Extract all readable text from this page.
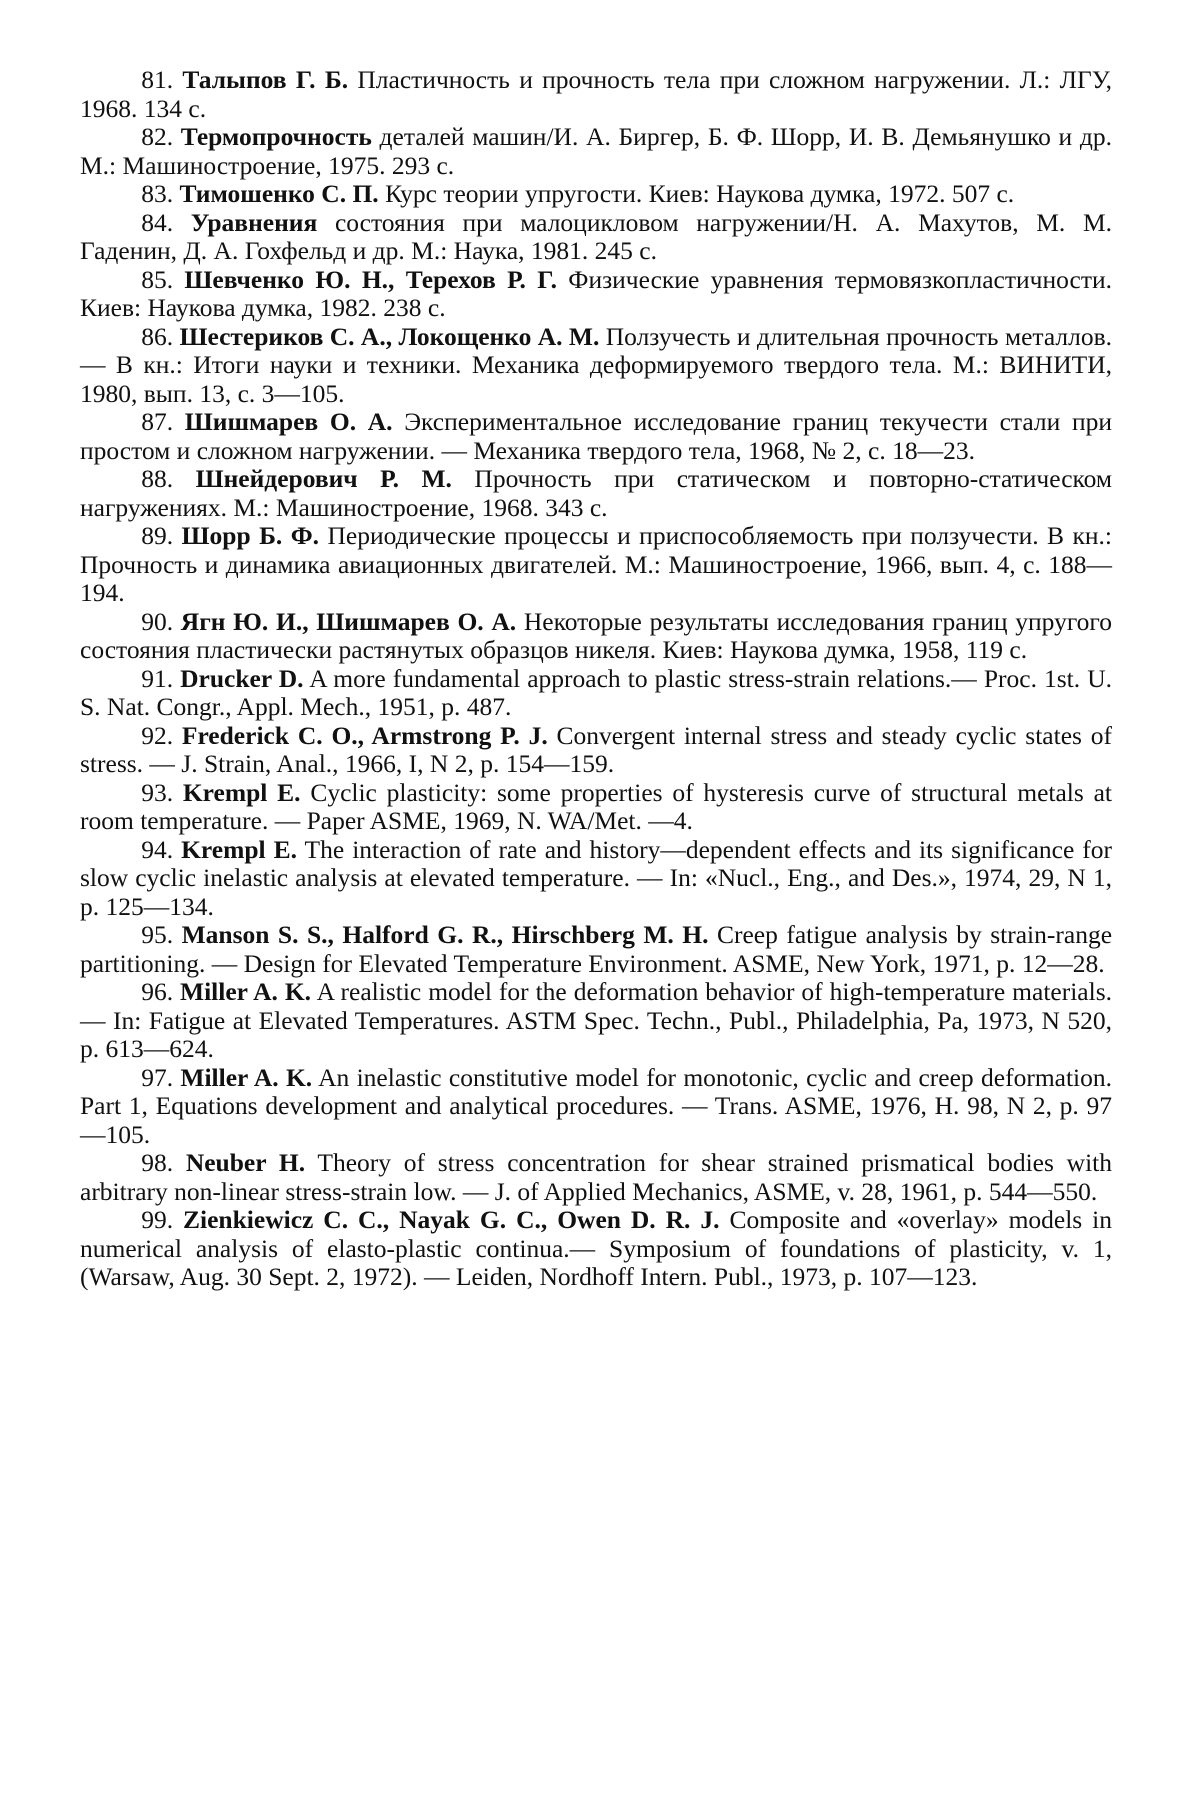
81. Талыпов Г. Б. Пластичность и прочность тела при сложном нагружении. Л.: ЛГУ, 1968. 134 с.

82. Термопрочность деталей машин/И. А. Биргер, Б. Ф. Шорр, И. В. Демьянушко и др. М.: Машиностроение, 1975. 293 с.

83. Тимошенко С. П. Курс теории упругости. Киев: Наукова думка, 1972. 507 с.

84. Уравнения состояния при малоцикловом нагружении/Н. А. Махутов, М. М. Гаденин, Д. А. Гохфельд и др. М.: Наука, 1981. 245 с.

85. Шевченко Ю. Н., Терехов Р. Г. Физические уравнения термовязкопластичности. Киев: Наукова думка, 1982. 238 с.

86. Шестериков С. А., Локощенко А. М. Ползучесть и длительная прочность металлов. — В кн.: Итоги науки и техники. Механика деформируемого твердого тела. М.: ВИНИТИ, 1980, вып. 13, с. 3—105.

87. Шишмарев О. А. Экспериментальное исследование границ текучести стали при простом и сложном нагружении. — Механика твердого тела, 1968, № 2, с. 18—23.

88. Шнейдерович Р. М. Прочность при статическом и повторно-статическом нагружениях. М.: Машиностроение, 1968. 343 с.

89. Шорр Б. Ф. Периодические процессы и приспособляемость при ползучести. В кн.: Прочность и динамика авиационных двигателей. М.: Машиностроение, 1966, вып. 4, с. 188—194.

90. Ягн Ю. И., Шишмарев О. А. Некоторые результаты исследования границ упругого состояния пластически растянутых образцов никеля. Киев: Наукова думка, 1958, 119 с.

91. Drucker D. A more fundamental approach to plastic stress-strain relations.— Proc. 1st. U. S. Nat. Congr., Appl. Mech., 1951, p. 487.

92. Frederick C. O., Armstrong P. J. Convergent internal stress and steady cyclic states of stress. — J. Strain, Anal., 1966, I, N 2, p. 154—159.

93. Krempl E. Cyclic plasticity: some properties of hysteresis curve of structural metals at room temperature. — Paper ASME, 1969, N. WA/Met. —4.

94. Krempl E. The interaction of rate and history—dependent effects and its significance for slow cyclic inelastic analysis at elevated temperature. — In: «Nucl., Eng., and Des.», 1974, 29, N 1, p. 125—134.

95. Manson S. S., Halford G. R., Hirschberg M. H. Creep fatigue analysis by strain-range partitioning. — Design for Elevated Temperature Environment. ASME, New York, 1971, p. 12—28.

96. Miller A. K. A realistic model for the deformation behavior of high-temperature materials. — In: Fatigue at Elevated Temperatures. ASTM Spec. Techn., Publ., Philadelphia, Pa, 1973, N 520, p. 613—624.

97. Miller A. K. An inelastic constitutive model for monotonic, cyclic and creep deformation. Part 1, Equations development and analytical procedures. — Trans. ASME, 1976, H. 98, N 2, p. 97—105.

98. Neuber H. Theory of stress concentration for shear strained prismatical bodies with arbitrary non-linear stress-strain low. — J. of Applied Mechanics, ASME, v. 28, 1961, p. 544—550.

99. Zienkiewicz C. C., Nayak G. C., Owen D. R. J. Composite and «overlay» models in numerical analysis of elasto-plastic continua.— Symposium of foundations of plasticity, v. 1, (Warsaw, Aug. 30 Sept. 2, 1972). — Leiden, Nordhoff Intern. Publ., 1973, p. 107—123.
